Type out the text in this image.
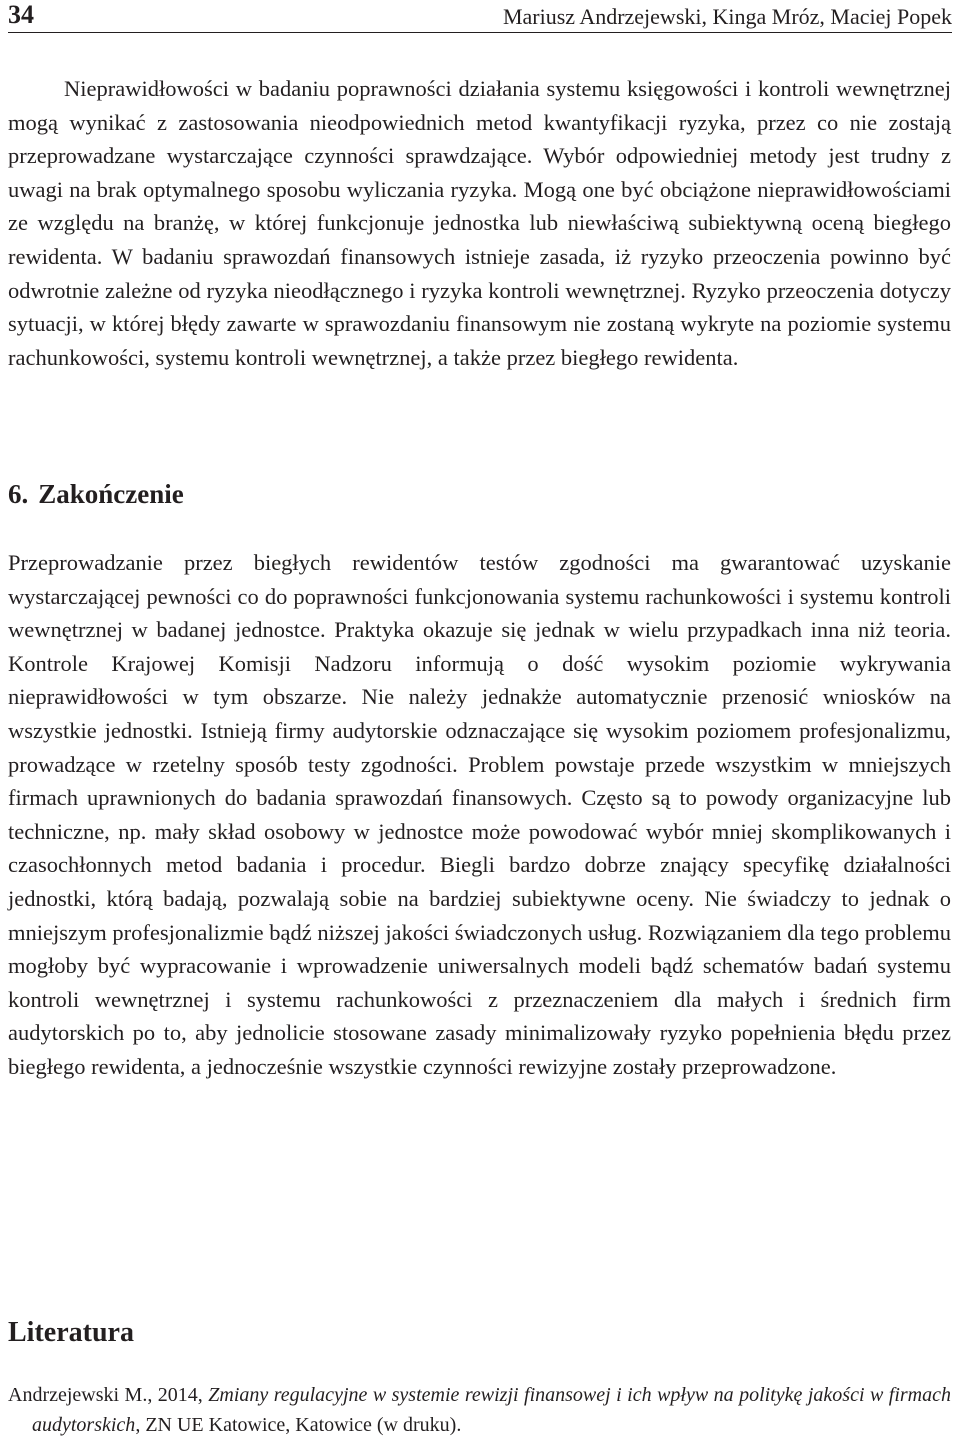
34	Mariusz Andrzejewski, Kinga Mróz, Maciej Popek

Nieprawidłowości w badaniu poprawności działania systemu księgowości i kontroli wewnętrznej mogą wynikać z zastosowania nieodpowiednich metod kwantyfikacji ryzyka, przez co nie zostają przeprowadzane wystarczające czynności sprawdzające. Wybór odpowiedniej metody jest trudny z uwagi na brak optymalnego sposobu wyliczania ryzyka. Mogą one być obciążone nieprawidłowościami ze względu na branżę, w której funkcjonuje jednostka lub niewłaściwą subiektywną oceną biegłego rewidenta. W badaniu sprawozdań finansowych istnieje zasada, iż ryzyko przeoczenia powinno być odwrotnie zależne od ryzyka nieodłącznego i ryzyka kontroli wewnętrznej. Ryzyko przeoczenia dotyczy sytuacji, w której błędy zawarte w sprawozdaniu finansowym nie zostaną wykryte na poziomie systemu rachunkowości, systemu kontroli wewnętrznej, a także przez biegłego rewidenta.

6. Zakończenie

Przeprowadzanie przez biegłych rewidentów testów zgodności ma gwarantować uzyskanie wystarczającej pewności co do poprawności funkcjonowania systemu rachunkowości i systemu kontroli wewnętrznej w badanej jednostce. Praktyka okazuje się jednak w wielu przypadkach inna niż teoria. Kontrole Krajowej Komisji Nadzoru informują o dość wysokim poziomie wykrywania nieprawidłowości w tym obszarze. Nie należy jednakże automatycznie przenosić wniosków na wszystkie jednostki. Istnieją firmy audytorskie odznaczające się wysokim poziomem profesjonalizmu, prowadzące w rzetelny sposób testy zgodności. Problem powstaje przede wszystkim w mniejszych firmach uprawnionych do badania sprawozdań finansowych. Często są to powody organizacyjne lub techniczne, np. mały skład osobowy w jednostce może powodować wybór mniej skomplikowanych i czasochłonnych metod badania i procedur. Biegli bardzo dobrze znający specyfikę działalności jednostki, którą badają, pozwalają sobie na bardziej subiektywne oceny. Nie świadczy to jednak o mniejszym profesjonalizmie bądź niższej jakości świadczonych usług. Rozwiązaniem dla tego problemu mogłoby być wypracowanie i wprowadzenie uniwersalnych modeli bądź schematów badań systemu kontroli wewnętrznej i systemu rachunkowości z przeznaczeniem dla małych i średnich firm audytorskich po to, aby jednolicie stosowane zasady minimalizowały ryzyko popełnienia błędu przez biegłego rewidenta, a jednocześnie wszystkie czynności rewizyjne zostały przeprowadzone.

Literatura

Andrzejewski M., 2014, Zmiany regulacyjne w systemie rewizji finansowej i ich wpływ na politykę jakości w firmach audytorskich, ZN UE Katowice, Katowice (w druku).
